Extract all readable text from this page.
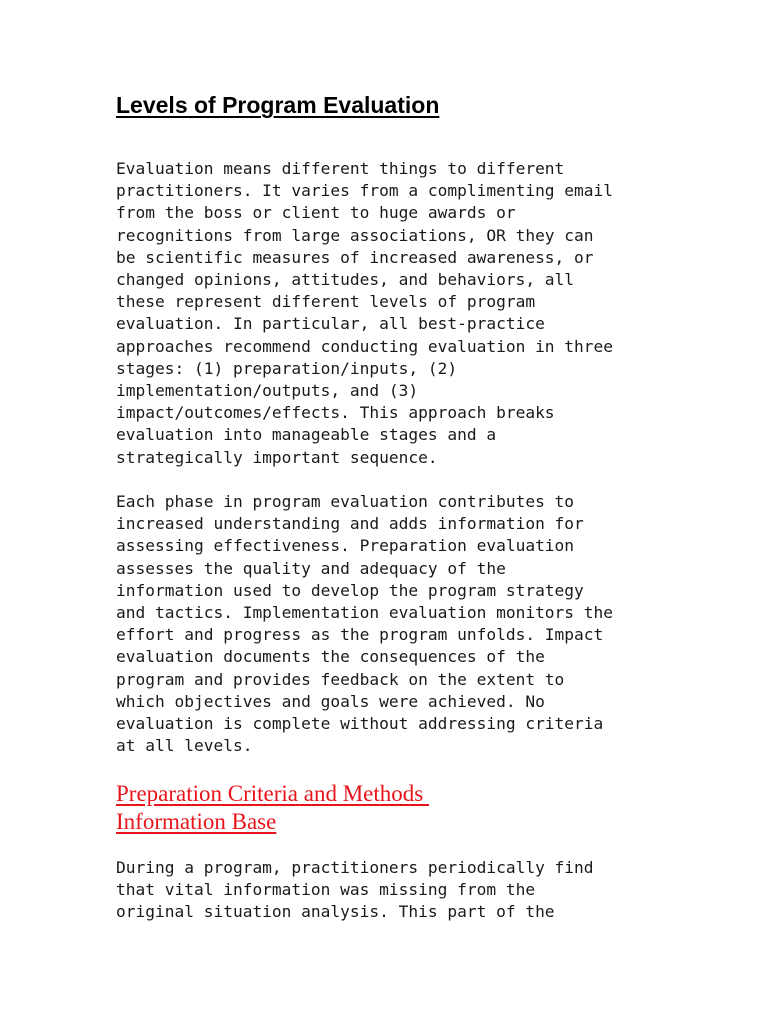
Levels of Program Evaluation
Evaluation means different things to different
practitioners. It varies from a complimenting email
from the boss or client to huge awards or
recognitions from large associations, OR they can
be scientific measures of increased awareness, or
changed opinions, attitudes, and behaviors, all
these represent different levels of program
evaluation. In particular, all best-practice
approaches recommend conducting evaluation in three
stages: (1) preparation/inputs, (2)
implementation/outputs, and (3)
impact/outcomes/effects. This approach breaks
evaluation into manageable stages and a
strategically important sequence.
Each phase in program evaluation contributes to
increased understanding and adds information for
assessing effectiveness. Preparation evaluation
assesses the quality and adequacy of the
information used to develop the program strategy
and tactics. Implementation evaluation monitors the
effort and progress as the program unfolds. Impact
evaluation documents the consequences of the
program and provides feedback on the extent to
which objectives and goals were achieved. No
evaluation is complete without addressing criteria
at all levels.
Preparation Criteria and Methods
Information Base
During a program, practitioners periodically find
that vital information was missing from the
original situation analysis. This part of the
